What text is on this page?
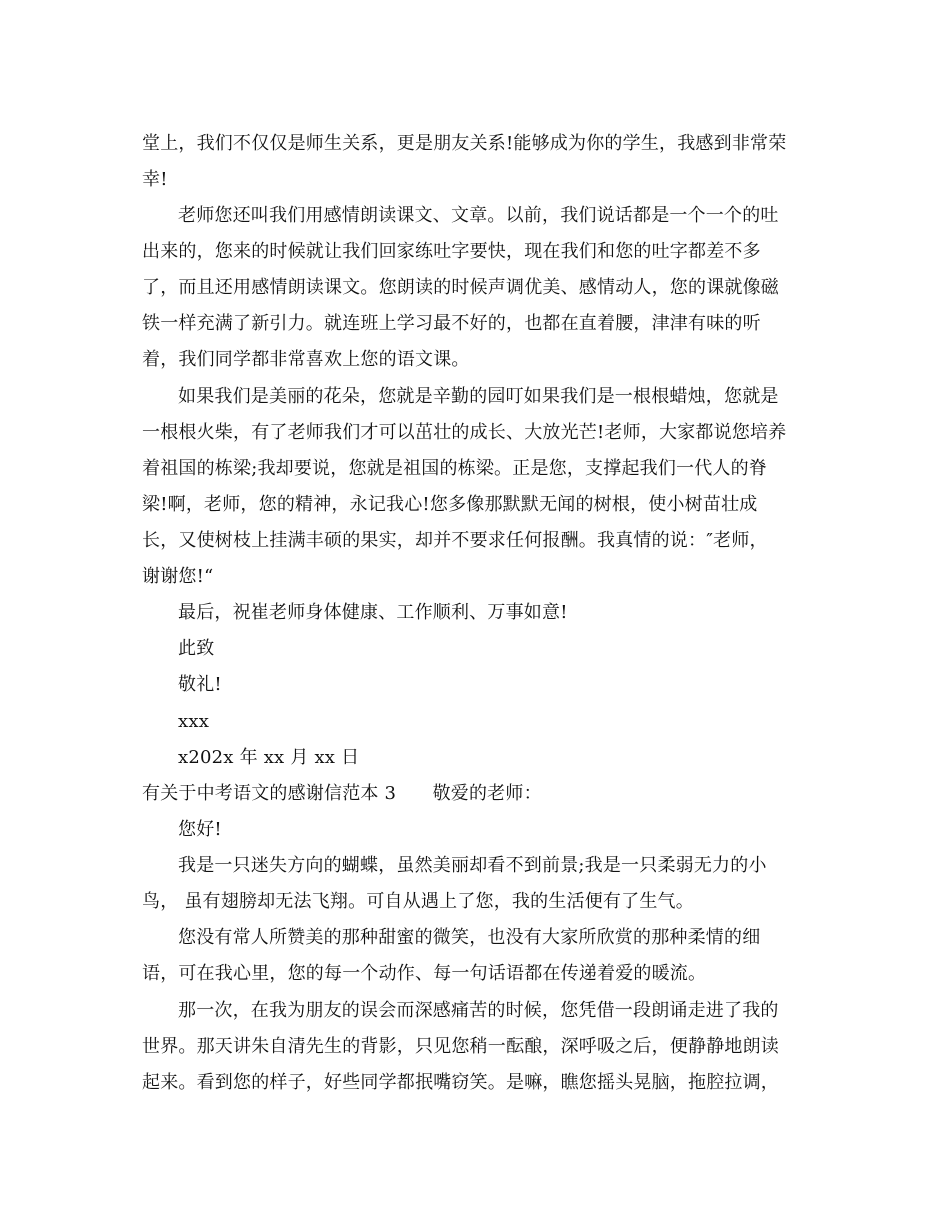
堂上，我们不仅仅是师生关系，更是朋友关系!能够成为你的学生，我感到非常荣
幸!
老师您还叫我们用感情朗读课文、文章。以前，我们说话都是一个一个的吐
出来的，您来的时候就让我们回家练吐字要快，现在我们和您的吐字都差不多
了，而且还用感情朗读课文。您朗读的时候声调优美、感情动人，您的课就像磁
铁一样充满了新引力。就连班上学习最不好的，也都在直着腰，津津有味的听
着，我们同学都非常喜欢上您的语文课。
如果我们是美丽的花朵，您就是辛勤的园叮如果我们是一根根蜡烛，您就是
一根根火柴，有了老师我们才可以茁壮的成长、大放光芒!老师，大家都说您培养
着祖国的栋梁;我却要说，您就是祖国的栋梁。正是您，支撑起我们一代人的脊
梁!啊，老师，您的精神，永记我心!您多像那默默无闻的树根，使小树苗壮成
长，又使树枝上挂满丰硕的果实，却并不要求任何报酬。我真情的说：″老师，
谢谢您!“
最后，祝崔老师身体健康、工作顺利、万事如意!
此致
敬礼!
xxx
x202x 年 xx 月 xx 日
有关于中考语文的感谢信范本 3　　敬爱的老师：
您好!
我是一只迷失方向的蝴蝶，虽然美丽却看不到前景;我是一只柔弱无力的小
鸟， 虽有翅膀却无法飞翔。可自从遇上了您，我的生活便有了生气。
您没有常人所赞美的那种甜蜜的微笑，也没有大家所欣赏的那种柔情的细
语，可在我心里，您的每一个动作、每一句话语都在传递着爱的暖流。
那一次，在我为朋友的误会而深感痛苦的时候，您凭借一段朗诵走进了我的
世界。那天讲朱自清先生的背影，只见您稍一酝酿，深呼吸之后，便静静地朗读
起来。看到您的样子，好些同学都抿嘴窃笑。是嘛，瞧您摇头晃脑，拖腔拉调，
